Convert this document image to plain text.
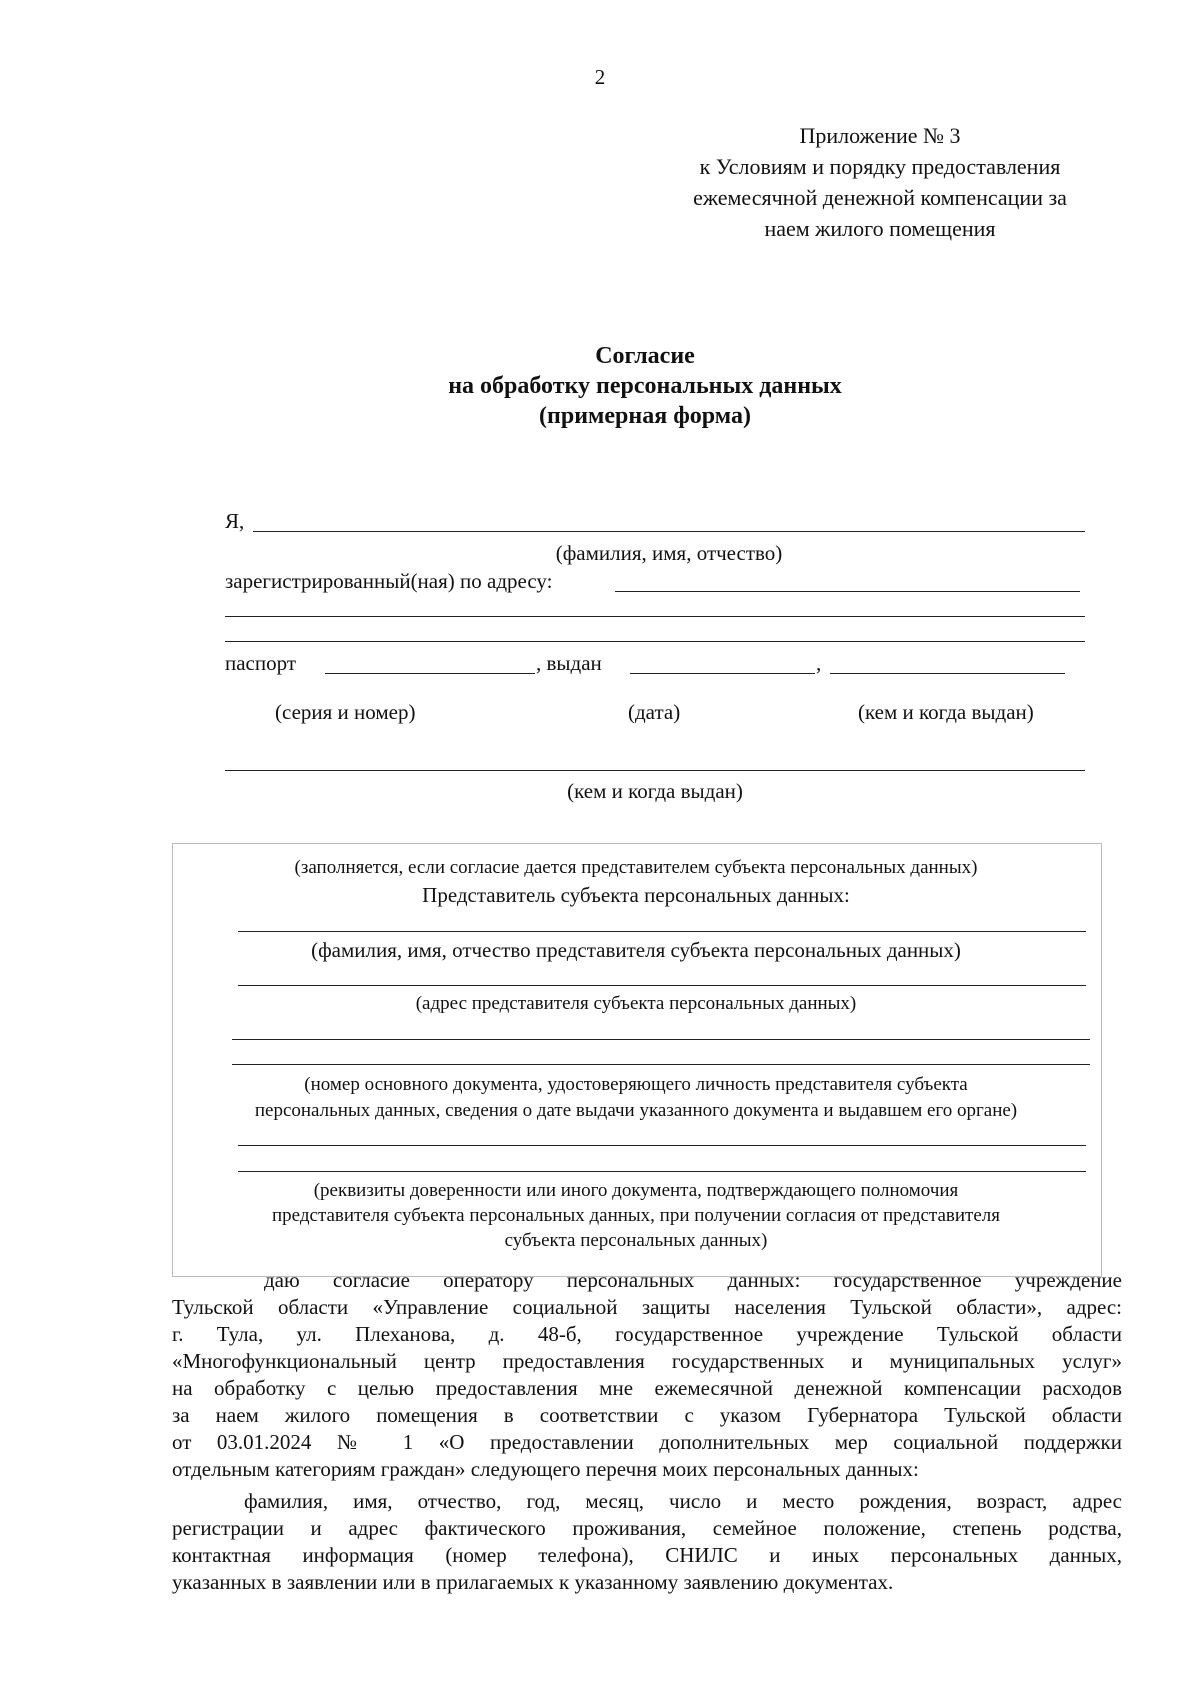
2
Приложение № 3
к Условиям и порядку предоставления
ежемесячной денежной компенсации за
наем жилого помещения
Согласие
на обработку персональных данных
(примерная форма)
Я,
(фамилия, имя, отчество)
зарегистрированный(ная) по адресу:
паспорт	, выдан	,
(серия и номер)	(дата)	(кем и когда выдан)
(кем и когда выдан)
(заполняется, если согласие дается представителем субъекта персональных данных)
Представитель субъекта персональных данных:
(фамилия, имя, отчество представителя субъекта персональных данных)
(адрес представителя субъекта персональных данных)
(номер основного документа, удостоверяющего личность представителя субъекта
персональных данных, сведения о дате выдачи указанного документа и выдавшем его органе)
(реквизиты доверенности или иного документа, подтверждающего полномочия
представителя субъекта персональных данных, при получении согласия от представителя
субъекта персональных данных)
даю согласие оператору персональных данных: государственное учреждение
Тульской области «Управление социальной защиты населения Тульской области», адрес:
г. Тула, ул. Плеханова, д. 48-б, государственное учреждение Тульской области
«Многофункциональный центр предоставления государственных и муниципальных услуг»
на обработку с целью предоставления мне ежемесячной денежной компенсации расходов
за наем жилого помещения в соответствии с указом Губернатора Тульской области
от 03.01.2024 № 1 «О предоставлении дополнительных мер социальной поддержки
отдельным категориям граждан» следующего перечня моих персональных данных:
фамилия, имя, отчество, год, месяц, число и место рождения, возраст, адрес
регистрации и адрес фактического проживания, семейное положение, степень родства,
контактная информация (номер телефона), СНИЛС и иных персональных данных,
указанных в заявлении или в прилагаемых к указанному заявлению документах.
